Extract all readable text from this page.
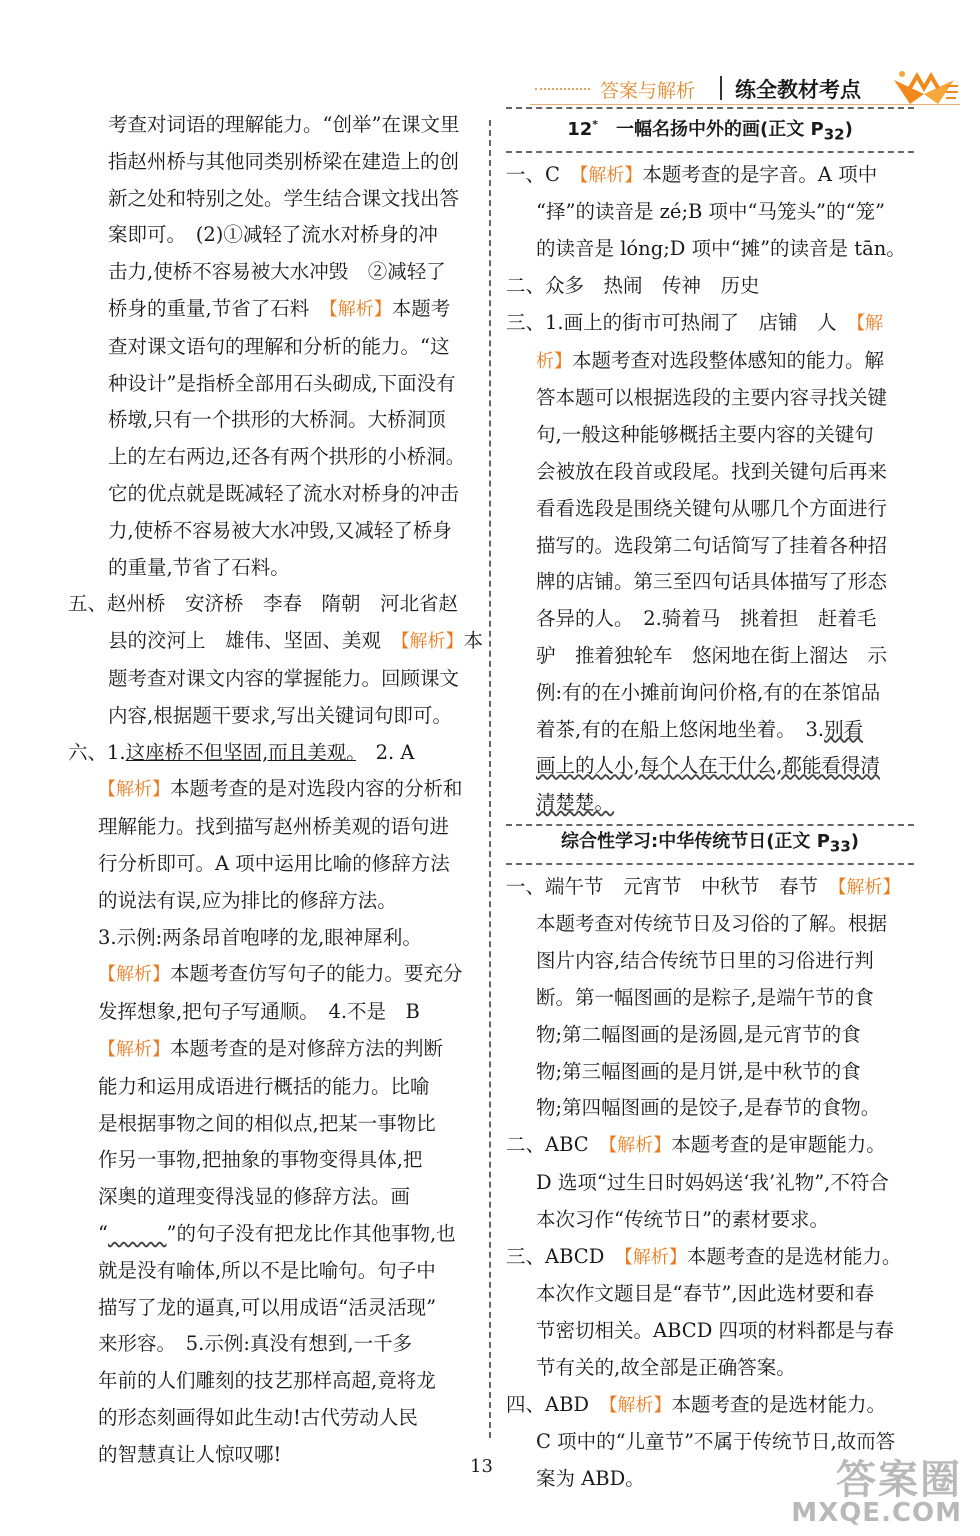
答案与解析 练全教材考点
考查对词语的理解能力。“创举”在课文里
指赵州桥与其他同类别桥梁在建造上的创
新之处和特别之处。学生结合课文找出答
案即可。　(2)①减轻了流水对桥身的冲
击力,使桥不容易被大水冲毁　②减轻了
桥身的重量,节省了石料　【解析】本题考
查对课文语句的理解和分析的能力。“这
种设计”是指桥全部用石头砌成,下面没有
桥墩,只有一个拱形的大桥洞。大桥洞顶
上的左右两边,还各有两个拱形的小桥洞。
它的优点就是既减轻了流水对桥身的冲击
力,使桥不容易被大水冲毁,又减轻了桥身
的重量,节省了石料。
五、赵州桥　安济桥　李春　隋朝　河北省赵
县的洨河上　雄伟、坚固、美观　【解析】本
题考查对课文内容的掌握能力。回顾课文
内容,根据题干要求,写出关键词句即可。
六、1.这座桥不但坚固,而且美观。　2. A
【解析】本题考查的是对选段内容的分析和
理解能力。找到描写赵州桥美观的语句进
行分析即可。A 项中运用比喻的修辞方法
的说法有误,应为排比的修辞方法。
3.示例:两条昂首咆哮的龙,眼神犀利。
【解析】本题考查仿写句子的能力。要充分
发挥想象,把句子写通顺。　4.不是　B
【解析】本题考查的是对修辞方法的判断
能力和运用成语进行概括的能力。比喻
是根据事物之间的相似点,把某一事物比
作另一事物,把抽象的事物变得具体,把
深奥的道理变得浅显的修辞方法。画
“　　　	”的句子没有把龙比作其他事物,也
就是没有喻体,所以不是比喻句。句子中
描写了龙的逼真,可以用成语“活灵活现”
来形容。　5.示例:真没有想到,一千多
年前的人们雕刻的技艺那样高超,竟将龙
的形态刻画得如此生动!古代劳动人民
的智慧真让人惊叹哪!
12*　一幅名扬中外的画(正文 $P_{32}$)
一、C　【解析】本题考查的是字音。A 项中
“择”的读音是 zé;B 项中“马笼头”的“笼”
的读音是 lóng;D 项中“摊”的读音是 tān。
二、众多　热闹　传神　历史
三、1.画上的街市可热闹了　店铺　人　【解
析】本题考查对选段整体感知的能力。解
答本题可以根据选段的主要内容寻找关键
句,一般这种能够概括主要内容的关键句
会被放在段首或段尾。找到关键句后再来
看看选段是围绕关键句从哪几个方面进行
描写的。选段第二句话简写了挂着各种招
牌的店铺。第三至四句话具体描写了形态
各异的人。　2.骑着马　挑着担　赶着毛
驴　推着独轮车　悠闲地在街上溜达　示
例:有的在小摊前询问价格,有的在茶馆品
着茶,有的在船上悠闲地坐着。　3.别看
画上的人小,每个人在干什么,都能看得清
清楚楚。
综合性学习:中华传统节日(正文 $P_{33}$)
一、端午节　元宵节　中秋节　春节　【解析】
本题考查对传统节日及习俗的了解。根据
图片内容,结合传统节日里的习俗进行判
断。第一幅图画的是粽子,是端午节的食
物;第二幅图画的是汤圆,是元宵节的食
物;第三幅图画的是月饼,是中秋节的食
物;第四幅图画的是饺子,是春节的食物。
二、ABC　【解析】本题考查的是审题能力。
D 选项“过生日时妈妈送‘我’礼物”,不符合
本次习作“传统节日”的素材要求。
三、ABCD　【解析】本题考查的是选材能力。
本次作文题目是“春节”,因此选材要和春
节密切相关。ABCD 四项的材料都是与春
节有关的,故全部是正确答案。
四、ABD　【解析】本题考查的是选材能力。
C 项中的“儿童节”不属于传统节日,故而答
案为 ABD。
13	答案圈
MXQE.COM
